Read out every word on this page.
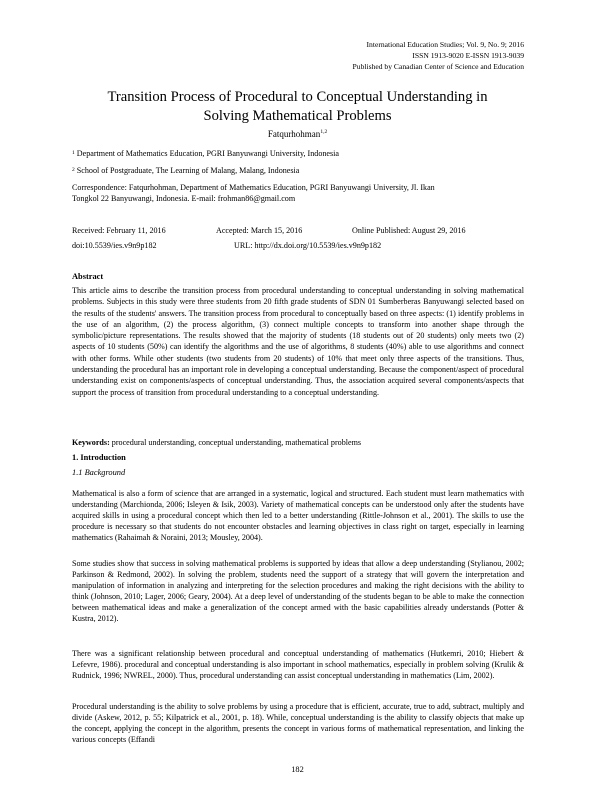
International Education Studies; Vol. 9, No. 9; 2016
ISSN 1913-9020 E-ISSN 1913-9039
Published by Canadian Center of Science and Education
Transition Process of Procedural to Conceptual Understanding in
Solving Mathematical Problems
Fatqurhohman$^{1,2}$
$^1$ Department of Mathematics Education, PGRI Banyuwangi University, Indonesia
$^2$ School of Postgraduate, The Learning of Malang, Malang, Indonesia
Correspondence: Fatqurhohman, Department of Mathematics Education, PGRI Banyuwangi University, Jl. Ikan
Tongkol 22 Banyuwangi, Indonesia. E-mail: frohman86@gmail.com
Received: February 11, 2016	Accepted: March 15, 2016	Online Published: August 29, 2016
doi:10.5539/ies.v9n9p182	URL: http://dx.doi.org/10.5539/ies.v9n9p182
Abstract

This article aims to describe the transition process from procedural understanding to conceptual understanding in solving mathematical problems. Subjects in this study were three students from 20 fifth grade students of SDN 01 Sumberberas Banyuwangi selected based on the results of the students' answers. The transition process from procedural to conceptually based on three aspects: (1) identify problems in the use of an algorithm, (2) the process algorithm, (3) connect multiple concepts to transform into another shape through the symbolic/picture representations. The results showed that the majority of students (18 students out of 20 students) only meets two (2) aspects of 10 students (50%) can identify the algorithms and the use of algorithms, 8 students (40%) able to use algorithms and connect with other forms. While other students (two students from 20 students) of 10% that meet only three aspects of the transitions. Thus, understanding the procedural has an important role in developing a conceptual understanding. Because the component/aspect of procedural understanding exist on components/aspects of conceptual understanding. Thus, the association acquired several components/aspects that support the process of transition from procedural understanding to a conceptual understanding.

Keywords: procedural understanding, conceptual understanding, mathematical problems
1. Introduction
1.1 Background

Mathematical is also a form of science that are arranged in a systematic, logical and structured. Each student must learn mathematics with understanding (Marchionda, 2006; Isleyen & Isik, 2003). Variety of mathematical concepts can be understood only after the students have acquired skills in using a procedural concept which then led to a better understanding (Rittle-Johnson et al., 2001). The skills to use the procedure is necessary so that students do not encounter obstacles and learning objectives in class right on target, especially in learning mathematics (Rahaimah & Noraini, 2013; Mousley, 2004).

Some studies show that success in solving mathematical problems is supported by ideas that allow a deep understanding (Stylianou, 2002; Parkinson & Redmond, 2002). In solving the problem, students need the support of a strategy that will govern the interpretation and manipulation of information in analyzing and interpreting for the selection procedures and making the right decisions with the ability to think (Johnson, 2010; Lager, 2006; Geary, 2004). At a deep level of understanding of the students began to be able to make the connection between mathematical ideas and make a generalization of the concept armed with the basic capabilities already understands (Potter & Kustra, 2012).

There was a significant relationship between procedural and conceptual understanding of mathematics (Hutkemri, 2010; Hiebert & Lefevre, 1986). procedural and conceptual understanding is also important in school mathematics, especially in problem solving (Krulik & Rudnick, 1996; NWREL, 2000). Thus, procedural understanding can assist conceptual understanding in mathematics (Lim, 2002).

Procedural understanding is the ability to solve problems by using a procedure that is efficient, accurate, true to add, subtract, multiply and divide (Askew, 2012, p. 55; Kilpatrick et al., 2001, p. 18). While, conceptual understanding is the ability to classify objects that make up the concept, applying the concept in the algorithm, presents the concept in various forms of mathematical representation, and linking the various concepts (Effandi

182
